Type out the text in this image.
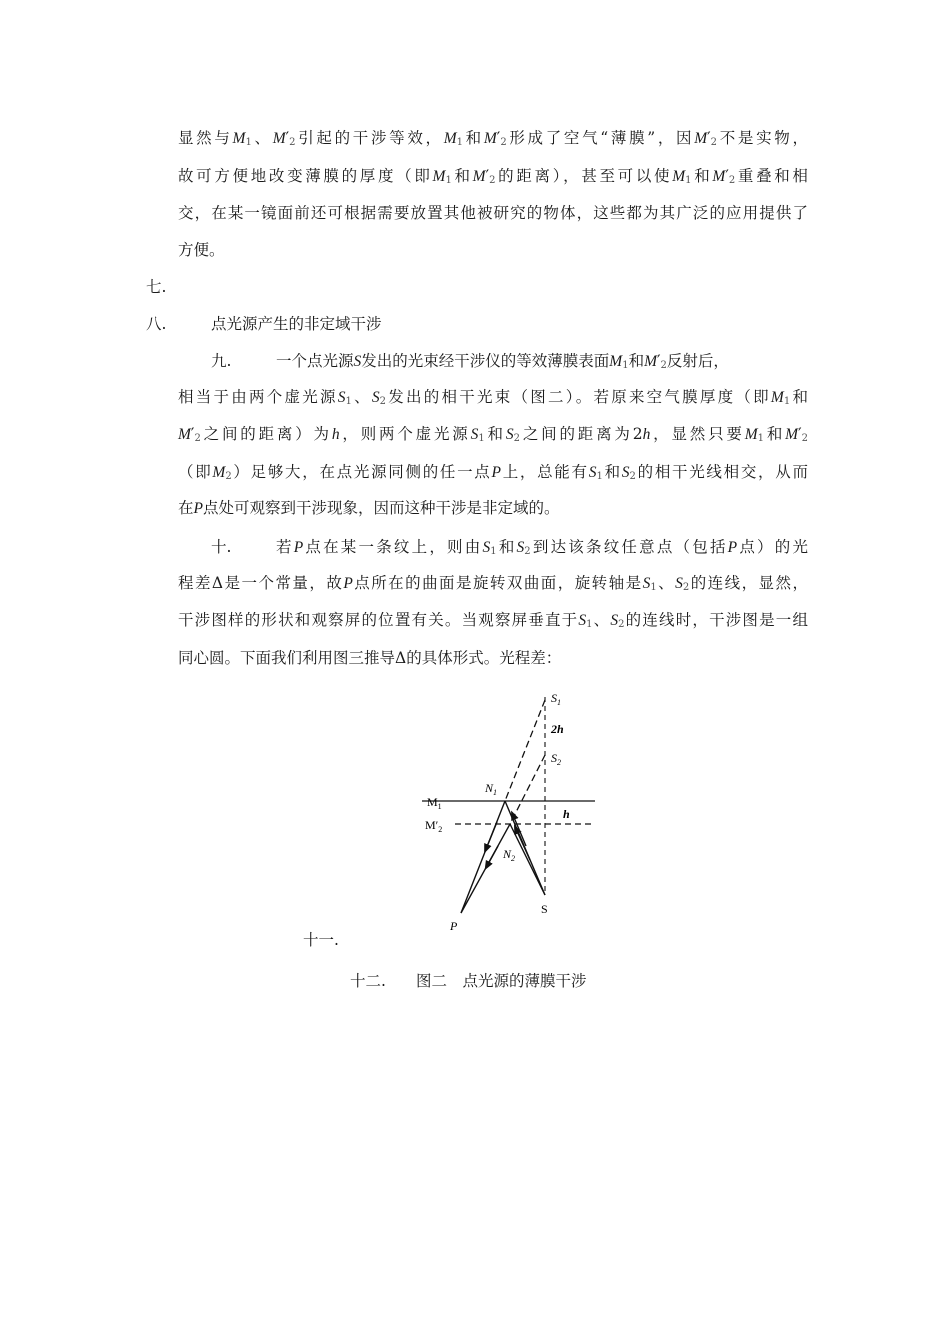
显然与$M_1$、$M'_2$引起的干涉等效，$M_1$和$M'_2$形成了空气“薄膜”，因$M'_2$不是实物，
故可方便地改变薄膜的厚度（即$M_1$和$M'_2$的距离），甚至可以使$M_1$和$M'_2$重叠和相
交，在某一镜面前还可根据需要放置其他被研究的物体，这些都为其广泛的应用提供了
方便。
七.
八.	点光源产生的非定域干涉
九.	一个点光源S发出的光束经干涉仪的等效薄膜表面$M_1$和$M'_2$反射后，
相当于由两个虚光源$S_1$、$S_2$发出的相干光束（图二）。若原来空气膜厚度（即$M_1$和
$M'_2$之间的距离）为h，则两个虚光源$S_1$和$S_2$之间的距离为2h，显然只要$M_1$和$M'_2$
（即$M_2$）足够大，在点光源同侧的任一点P上，总能有$S_1$和$S_2$的相干光线相交，从而
在P点处可观察到干涉现象，因而这种干涉是非定域的。
十.	若P点在某一条纹上，则由$S_1$和$S_2$到达该条纹任意点（包括P点）的光
程差Δ是一个常量，故P点所在的曲面是旋转双曲面，旋转轴是$S_1$、$S_2$的连线，显然，
干涉图样的形状和观察屏的位置有关。当观察屏垂直于$S_1$、$S_2$的连线时，干涉图是一组
同心圆。下面我们利用图三推导Δ的具体形式。光程差：
$S_1$
2h
$S_2$
$N_1$
$M_1$
h
$M'_2$
$N_2$
S
P
十一.
十二. 图二　点光源的薄膜干涉
